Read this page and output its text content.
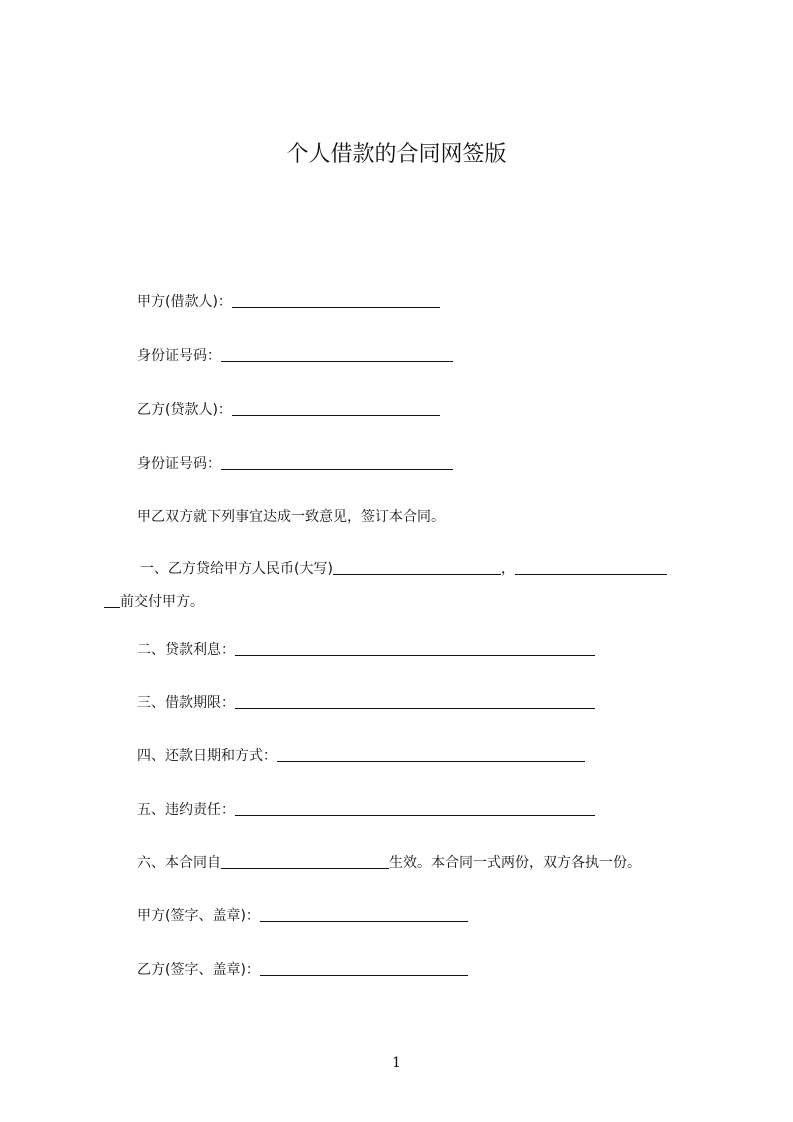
个人借款的合同网签版
甲方(借款人)：
身份证号码：
乙方(贷款人)：
身份证号码：
甲乙双方就下列事宜达成一致意见，签订本合同。
一、乙方贷给甲方人民币(大写)	，
前交付甲方。
二、贷款利息：
三、借款期限：
四、还款日期和方式：
五、违约责任：
六、本合同自	生效。本合同一式两份，双方各执一份。
甲方(签字、盖章)：
乙方(签字、盖章)：
1
